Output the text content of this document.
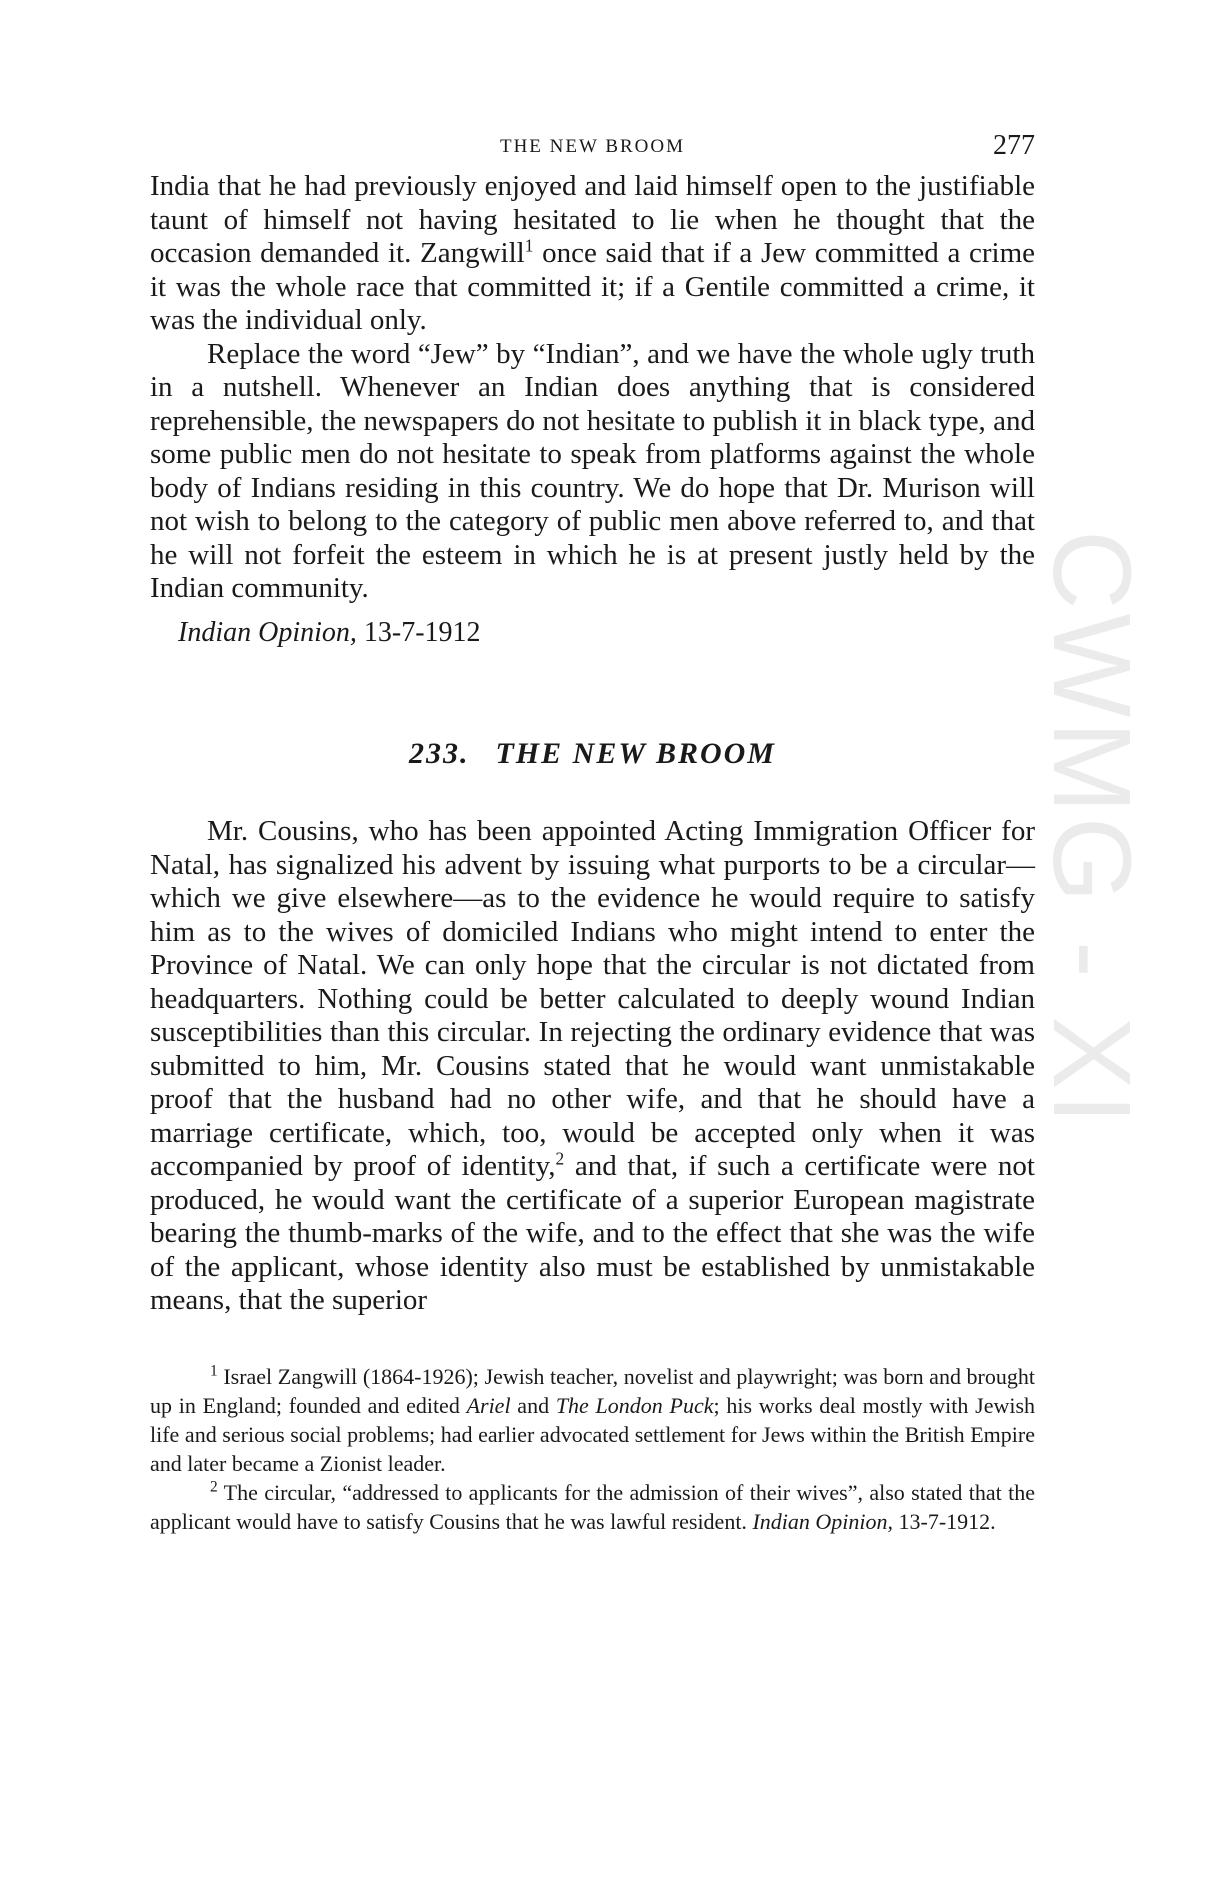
CWMG - XI
THE NEW BROOM	277

India that he had previously enjoyed and laid himself open to the justifiable taunt of himself not having hesitated to lie when he thought that the occasion demanded it. Zangwill$^1$ once said that if a Jew committed a crime it was the whole race that committed it; if a Gentile committed a crime, it was the individual only.

Replace the word “Jew” by “Indian”, and we have the whole ugly truth in a nutshell. Whenever an Indian does anything that is considered reprehensible, the newspapers do not hesitate to publish it in black type, and some public men do not hesitate to speak from platforms against the whole body of Indians residing in this country. We do hope that Dr. Murison will not wish to belong to the category of public men above referred to, and that he will not forfeit the esteem in which he is at present justly held by the Indian community.

Indian Opinion, 13-7-1912

233. THE NEW BROOM

Mr. Cousins, who has been appointed Acting Immigration Officer for Natal, has signalized his advent by issuing what purports to be a circular—which we give elsewhere—as to the evidence he would require to satisfy him as to the wives of domiciled Indians who might intend to enter the Province of Natal. We can only hope that the circular is not dictated from headquarters. Nothing could be better calculated to deeply wound Indian susceptibilities than this circular. In rejecting the ordinary evidence that was submitted to him, Mr. Cousins stated that he would want unmistakable proof that the husband had no other wife, and that he should have a marriage certificate, which, too, would be accepted only when it was accompanied by proof of identity,$^2$ and that, if such a certificate were not produced, he would want the certificate of a superior European magistrate bearing the thumb-marks of the wife, and to the effect that she was the wife of the applicant, whose identity also must be established by unmistakable means, that the superior

$^1$ Israel Zangwill (1864-1926); Jewish teacher, novelist and playwright; was born and brought up in England; founded and edited Ariel and The London Puck; his works deal mostly with Jewish life and serious social problems; had earlier advocated settlement for Jews within the British Empire and later became a Zionist leader.

$^2$ The circular, “addressed to applicants for the admission of their wives”, also stated that the applicant would have to satisfy Cousins that he was lawful resident. Indian Opinion, 13-7-1912.
